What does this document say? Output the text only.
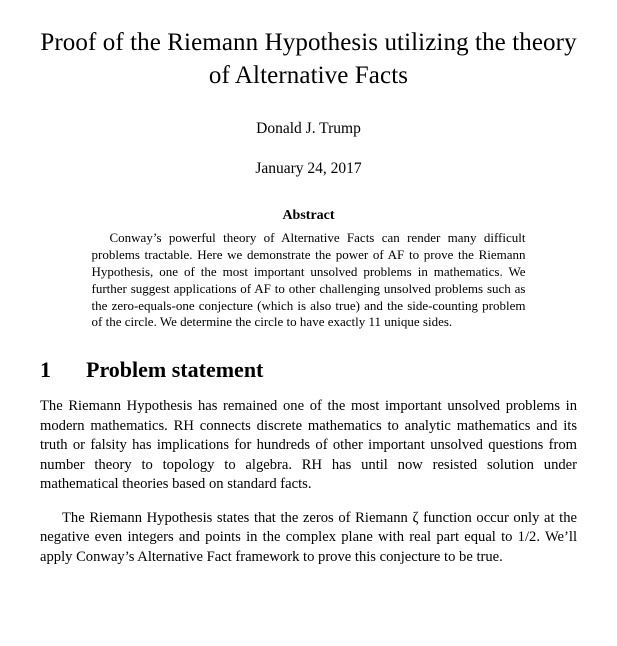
Proof of the Riemann Hypothesis utilizing the theory of Alternative Facts
Donald J. Trump
January 24, 2017
Abstract
Conway’s powerful theory of Alternative Facts can render many difficult problems tractable. Here we demonstrate the power of AF to prove the Riemann Hypothesis, one of the most important unsolved problems in mathematics. We further suggest applications of AF to other challenging unsolved problems such as the zero-equals-one conjecture (which is also true) and the side-counting problem of the circle. We determine the circle to have exactly 11 unique sides.
1	Problem statement

The Riemann Hypothesis has remained one of the most important unsolved problems in modern mathematics. RH connects discrete mathematics to analytic mathematics and its truth or falsity has implications for hundreds of other important unsolved questions from number theory to topology to algebra. RH has until now resisted solution under mathematical theories based on standard facts.

The Riemann Hypothesis states that the zeros of Riemann ζ function occur only at the negative even integers and points in the complex plane with real part equal to 1/2. We’ll apply Conway’s Alternative Fact framework to prove this conjecture to be true.
